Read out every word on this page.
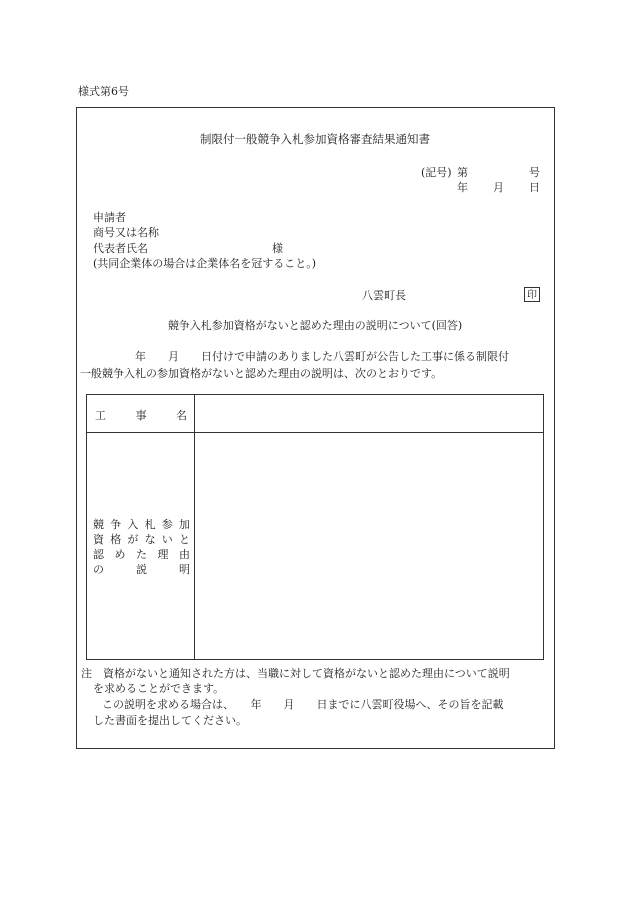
様式第6号
制限付一般競争入札参加資格審査結果通知書
(記号) 第	号
年 月 日
申請者
商号又は名称
代表者氏名	様
(共同企業体の場合は企業体名を冠すること。)
八雲町長	印
競争入札参加資格がないと認めた理由の説明について(回答)
　　　　　年　　月　　日付けで申請のありました八雲町が公告した工事に係る制限付
一般競争入札の参加資格がないと認めた理由の説明は、次のとおりです。
工	事	名
競 争 入 札 参 加
資 格 が な い と
認 め た 理 由
の	説	明
注　資格がないと通知された方は、当職に対して資格がないと認めた理由について説明
を求めることができます。
この説明を求める場合は、　　年　　月　　日までに八雲町役場へ、その旨を記載
した書面を提出してください。
